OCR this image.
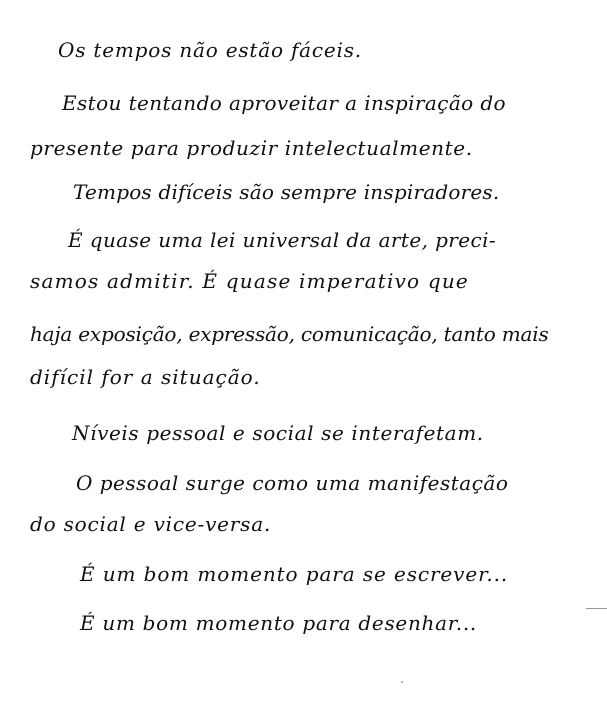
Os tempos não estão fáceis.
Estou tentando aproveitar a inspiração do
presente para produzir intelectualmente.
Tempos difíceis são sempre inspiradores.
É quase uma lei universal da arte, preci-
samos admitir. É quase imperativo que
haja exposição, expressão, comunicação, tanto mais
difícil for a situação.
Níveis pessoal e social se interafetam.
O pessoal surge como uma manifestação
do social e vice-versa.
É um bom momento para se escrever...
É um bom momento para desenhar...
